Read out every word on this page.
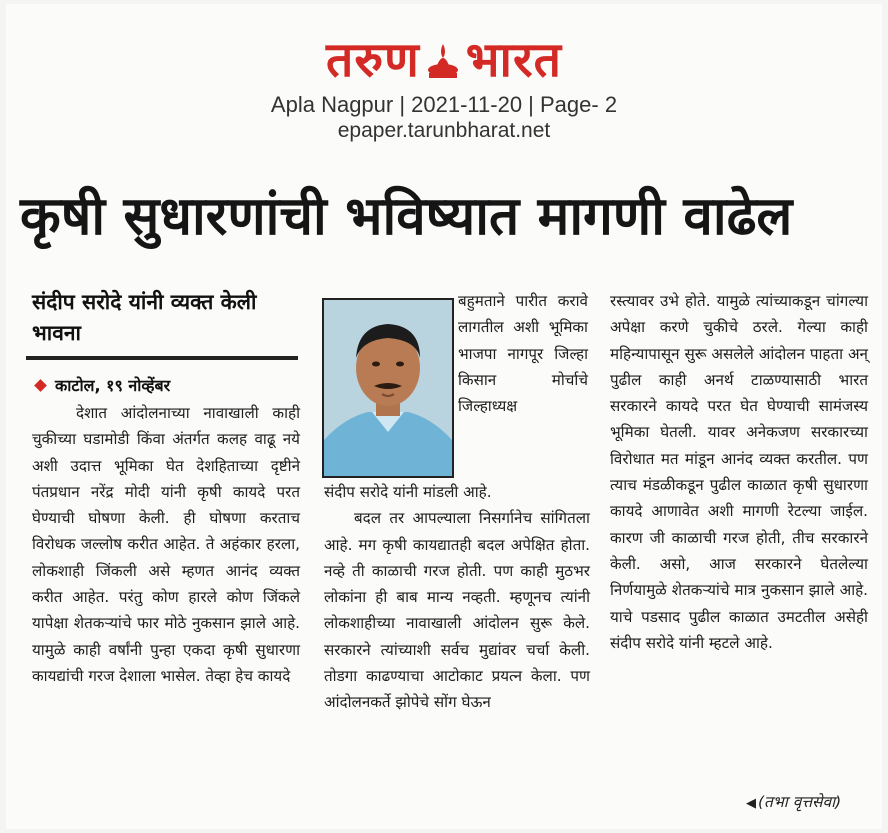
तरुण भारत
Apla Nagpur | 2021-11-20 | Page- 2
epaper.tarunbharat.net
कृषी सुधारणांची भविष्यात मागणी वाढेल
संदीप सरोदे यांनी व्यक्त केली भावना
काटोल, १९ नोव्हेंबर

देशात आंदोलनाच्या नावाखाली काही चुकीच्या घडामोडी किंवा अंतर्गत कलह वाढू नये अशी उदात्त भूमिका घेत देशहिताच्या दृष्टीने पंतप्रधान नरेंद्र मोदी यांनी कृषी कायदे परत घेण्याची घोषणा केली. ही घोषणा करताच विरोधक जल्लोष करीत आहेत. ते अहंकार हरला, लोकशाही जिंकली असे म्हणत आनंद व्यक्त करीत आहेत. परंतु कोण हारले कोण जिंकले यापेक्षा शेतकऱ्यांचे फार मोठे नुकसान झाले आहे. यामुळे काही वर्षांनी पुन्हा एकदा कृषी सुधारणा कायद्यांची गरज देशाला भासेल. तेव्हा हेच कायदे

बहुमताने पारीत करावे लागतील अशी भूमिका भाजपा नागपूर जिल्हा किसान मोर्चाचे जिल्हाध्यक्ष

संदीप सरोदे यांनी मांडली आहे.

बदल तर आपल्याला निसर्गानेच सांगितला आहे. मग कृषी कायद्यातही बदल अपेक्षित होता. नव्हे ती काळाची गरज होती. पण काही मुठभर लोकांना ही बाब मान्य नव्हती. म्हणूनच त्यांनी लोकशाहीच्या नावाखाली आंदोलन सुरू केले. सरकारने त्यांच्याशी सर्वच मुद्यांवर चर्चा केली. तोडगा काढण्याचा आटोकाट प्रयत्न केला. पण आंदोलनकर्ते झोपेचे सोंग घेऊन

रस्त्यावर उभे होते. यामुळे त्यांच्याकडून चांगल्या अपेक्षा करणे चुकीचे ठरले. गेल्या काही महिन्यापासून सुरू असलेले आंदोलन पाहता अन् पुढील काही अनर्थ टाळण्यासाठी भारत सरकारने कायदे परत घेत घेण्याची सामंजस्य भूमिका घेतली. यावर अनेकजण सरकारच्या विरोधात मत मांडून आनंद व्यक्त करतील. पण त्याच मंडळीकडून पुढील काळात कृषी सुधारणा कायदे आणावेत अशी मागणी रेटल्या जाईल. कारण जी काळाची गरज होती, तीच सरकारने केली. असो, आज सरकारने घेतलेल्या निर्णयामुळे शेतकऱ्यांचे मात्र नुकसान झाले आहे. याचे पडसाद पुढील काळात उमटतील असेही संदीप सरोदे यांनी म्हटले आहे.

◀ (तभा वृत्तसेवा)
